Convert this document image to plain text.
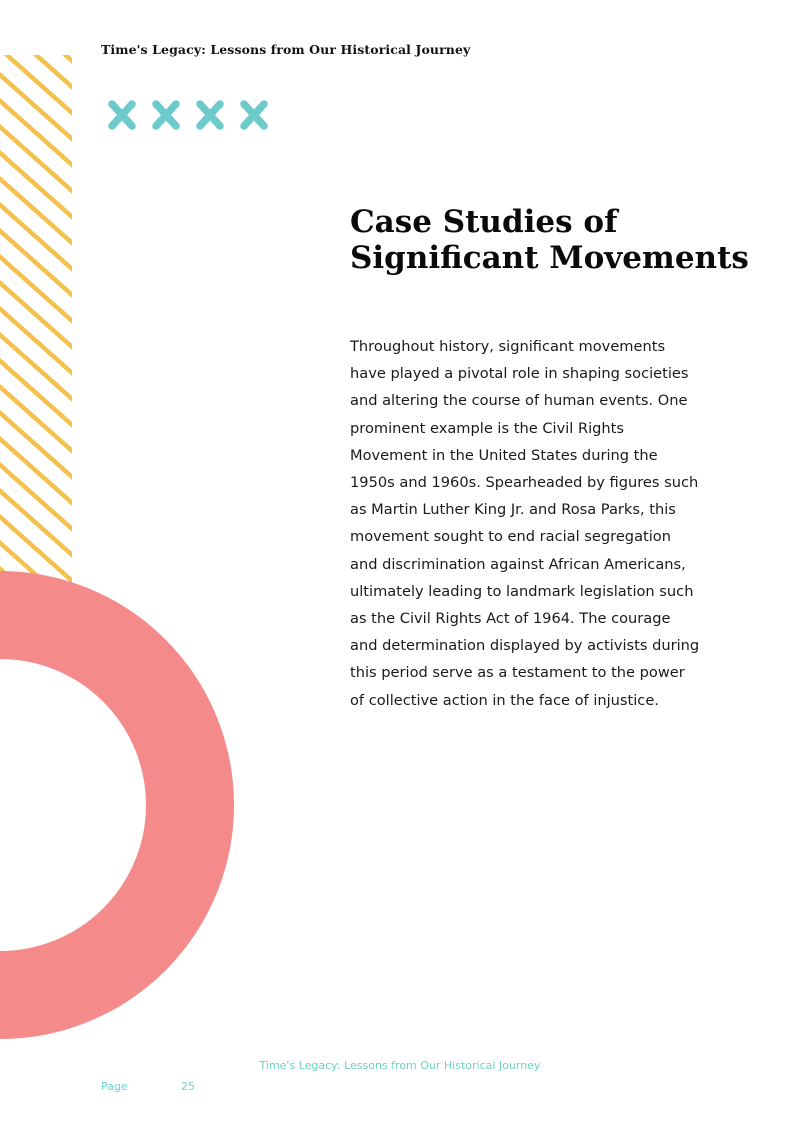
Time's Legacy: Lessons from Our Historical Journey
Case Studies of Significant Movements

Throughout history, significant movements have played a pivotal role in shaping societies and altering the course of human events. One prominent example is the Civil Rights Movement in the United States during the 1950s and 1960s. Spearheaded by figures such as Martin Luther King Jr. and Rosa Parks, this movement sought to end racial segregation and discrimination against African Americans, ultimately leading to landmark legislation such as the Civil Rights Act of 1964. The courage and determination displayed by activists during this period serve as a testament to the power of collective action in the face of injustice.

Time's Legacy: Lessons from Our Historical Journey
Page	25
